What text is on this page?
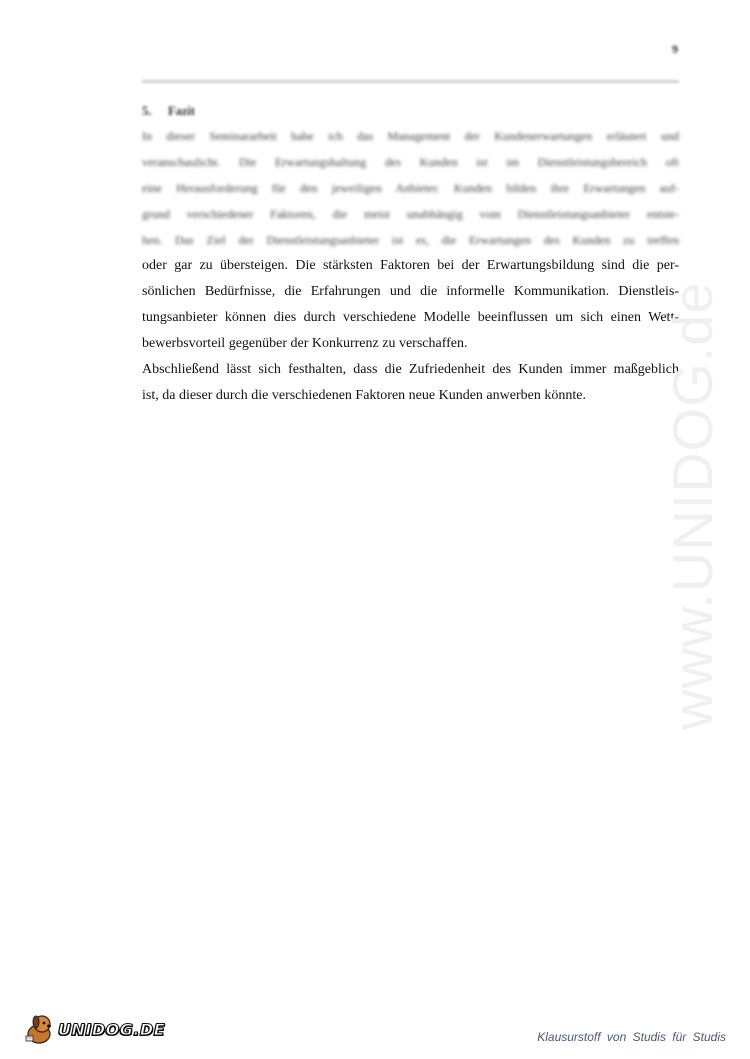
9
5. Fazit
In dieser Seminararbeit habe ich das Management der Kundenerwartungen erläutert und
veranschaulicht. Die Erwartungshaltung des Kunden ist im Dienstleistungsbereich oft
eine Herausforderung für den jeweiligen Anbieter. Kunden bilden ihre Erwartungen auf-
grund verschiedener Faktoren, die meist unabhängig vom Dienstleistungsanbieter entste-
hen. Das Ziel der Dienstleistungsanbieter ist es, die Erwartungen des Kunden zu treffen
oder gar zu übersteigen. Die stärksten Faktoren bei der Erwartungsbildung sind die per-
sönlichen Bedürfnisse, die Erfahrungen und die informelle Kommunikation. Dienstleis-
tungsanbieter können dies durch verschiedene Modelle beeinflussen um sich einen Wett-
bewerbsvorteil gegenüber der Konkurrenz zu verschaffen.
Abschließend lässt sich festhalten, dass die Zufriedenheit des Kunden immer maßgeblich
ist, da dieser durch die verschiedenen Faktoren neue Kunden anwerben könnte.	www.UNIDOG.de
UNIDOG.DE	Klausurstoff von Studis für Studis
